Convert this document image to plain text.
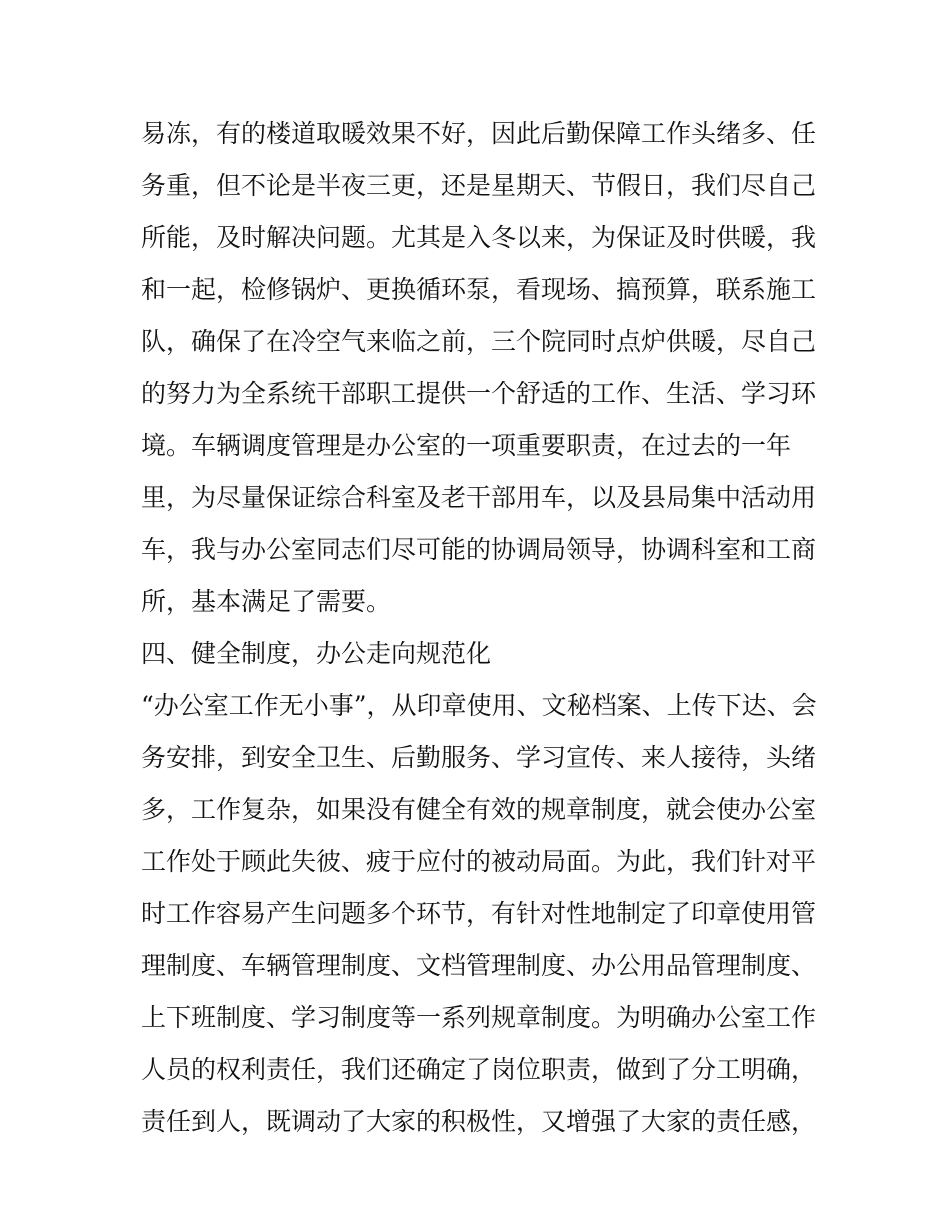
易冻，有的楼道取暖效果不好，因此后勤保障工作头绪多、任
务重，但不论是半夜三更，还是星期天、节假日，我们尽自己
所能，及时解决问题。尤其是入冬以来，为保证及时供暖，我
和一起，检修锅炉、更换循环泵，看现场、搞预算，联系施工
队，确保了在冷空气来临之前，三个院同时点炉供暖，尽自己
的努力为全系统干部职工提供一个舒适的工作、生活、学习环
境。车辆调度管理是办公室的一项重要职责，在过去的一年
里，为尽量保证综合科室及老干部用车，以及县局集中活动用
车，我与办公室同志们尽可能的协调局领导，协调科室和工商
所，基本满足了需要。
四、健全制度，办公走向规范化
“办公室工作无小事”，从印章使用、文秘档案、上传下达、会
务安排，到安全卫生、后勤服务、学习宣传、来人接待，头绪
多，工作复杂，如果没有健全有效的规章制度，就会使办公室
工作处于顾此失彼、疲于应付的被动局面。为此，我们针对平
时工作容易产生问题多个环节，有针对性地制定了印章使用管
理制度、车辆管理制度、文档管理制度、办公用品管理制度、
上下班制度、学习制度等一系列规章制度。为明确办公室工作
人员的权利责任，我们还确定了岗位职责，做到了分工明确，
责任到人，既调动了大家的积极性，又增强了大家的责任感，
